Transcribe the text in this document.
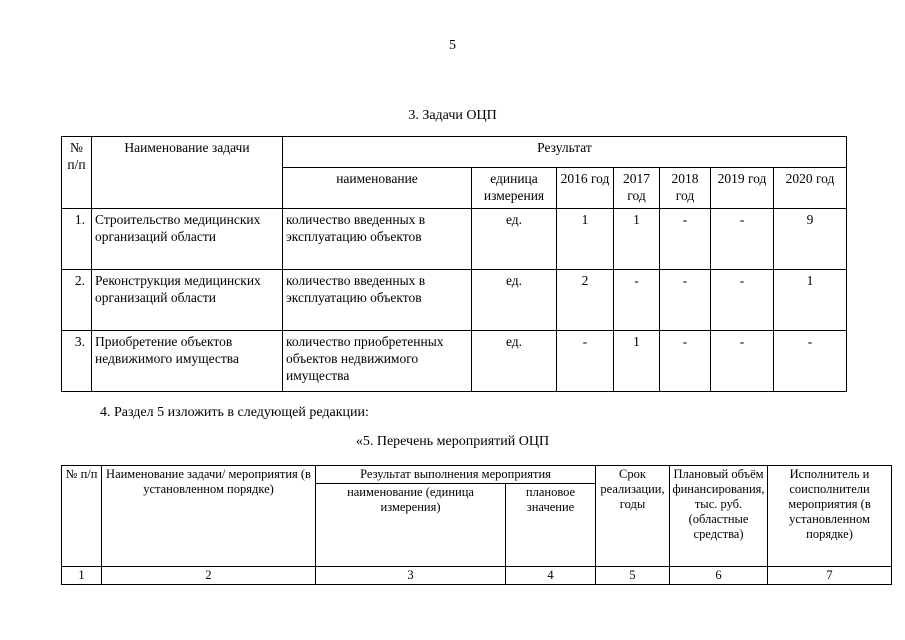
5
3. Задачи ОЦП
№ п/п	Наименование задачи	Результат						
		наименование	единица измерения	2016 год	2017 год	2018 год	2019 год	2020 год
1.	Строительство медицинских организаций области	количество введенных в эксплуатацию объектов	ед.	1	1	-	-	9
2.	Реконструкция медицинских организаций области	количество введенных в эксплуатацию объектов	ед.	2	-	-	-	1
3.	Приобретение объектов недвижимого имущества	количество приобретенных объектов недвижимого имущества	ед.	-	1	-	-	-
4. Раздел 5 изложить в следующей редакции:
«5. Перечень мероприятий ОЦП
№ п/п	Наименование задачи/ мероприятия (в установленном порядке)	Результат выполнения мероприятия		Срок реализации, годы	Плановый объём финансирования, тыс. руб. (областные средства)	Исполнитель и соисполнители мероприятия (в установленном порядке)
		наименование (единица измерения)	плановое значение			
1	2	3	4	5	6	7
